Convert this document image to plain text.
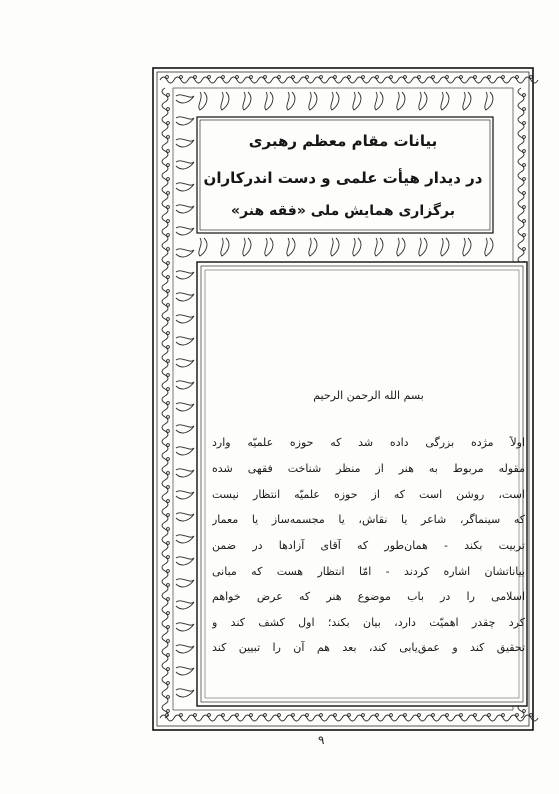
بیانات مقام معظم رهبری
در دیدار هیأت علمی و دست اندرکاران
برگزاری همایش ملی «فقه هنر»
بسم الله الرحمن الرحیم
اولاً مژده بزرگی داده شد که حوزه علمیّه وارد
مقوله مربوط به هنر از منظر شناخت فقهی شده
است، روشن است که از حوزه علمیّه انتظار نیست
که سینماگر، شاعر یا نقاش، یا مجسمه‌ساز یا معمار
تربیت بکند - همان‌طور که آقای آزادها در ضمن
بیاناتشان اشاره کردند - امّا انتظار هست که مبانی
اسلامی را در باب موضوع هنر که عرض خواهم
کرد چقدر اهمیّت دارد، بیان بکند؛ اول کشف کند و
تحقیق کند و عمق‌یابی کند، بعد هم آن را تبیین کند
۹
